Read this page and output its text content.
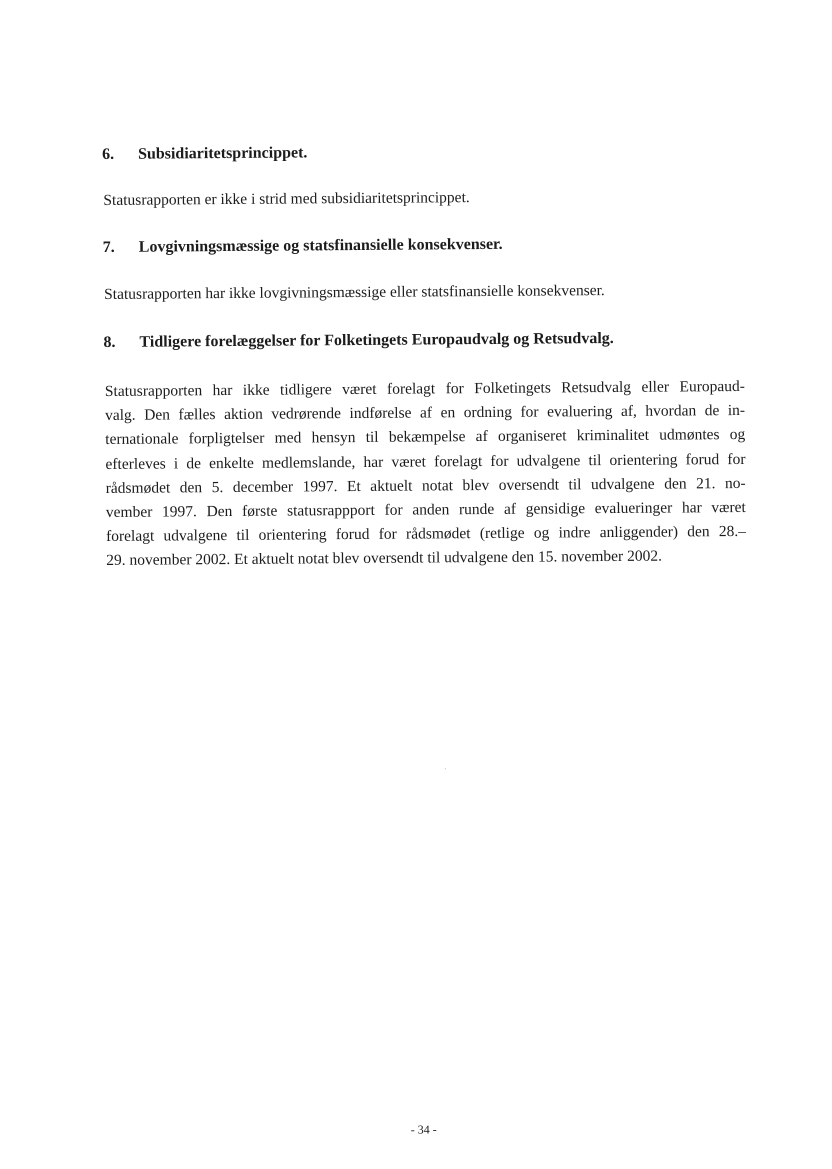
6. Subsidiaritetsprincippet.
Statusrapporten er ikke i strid med subsidiaritetsprincippet.
7. Lovgivningsmæssige og statsfinansielle konsekvenser.
Statusrapporten har ikke lovgivningsmæssige eller statsfinansielle konsekvenser.
8. Tidligere forelæggelser for Folketingets Europaudvalg og Retsudvalg.
Statusrapporten har ikke tidligere været forelagt for Folketingets Retsudvalg eller Europaud-
valg. Den fælles aktion vedrørende indførelse af en ordning for evaluering af, hvordan de in-
ternationale forpligtelser med hensyn til bekæmpelse af organiseret kriminalitet udmøntes og
efterleves i de enkelte medlemslande, har været forelagt for udvalgene til orientering forud for
rådsmødet den 5. december 1997. Et aktuelt notat blev oversendt til udvalgene den 21. no-
vember 1997. Den første statusrappport for anden runde af gensidige evalueringer har været
forelagt udvalgene til orientering forud for rådsmødet (retlige og indre anliggender) den 28.–
29. november 2002. Et aktuelt notat blev oversendt til udvalgene den 15. november 2002.
- 34 -
